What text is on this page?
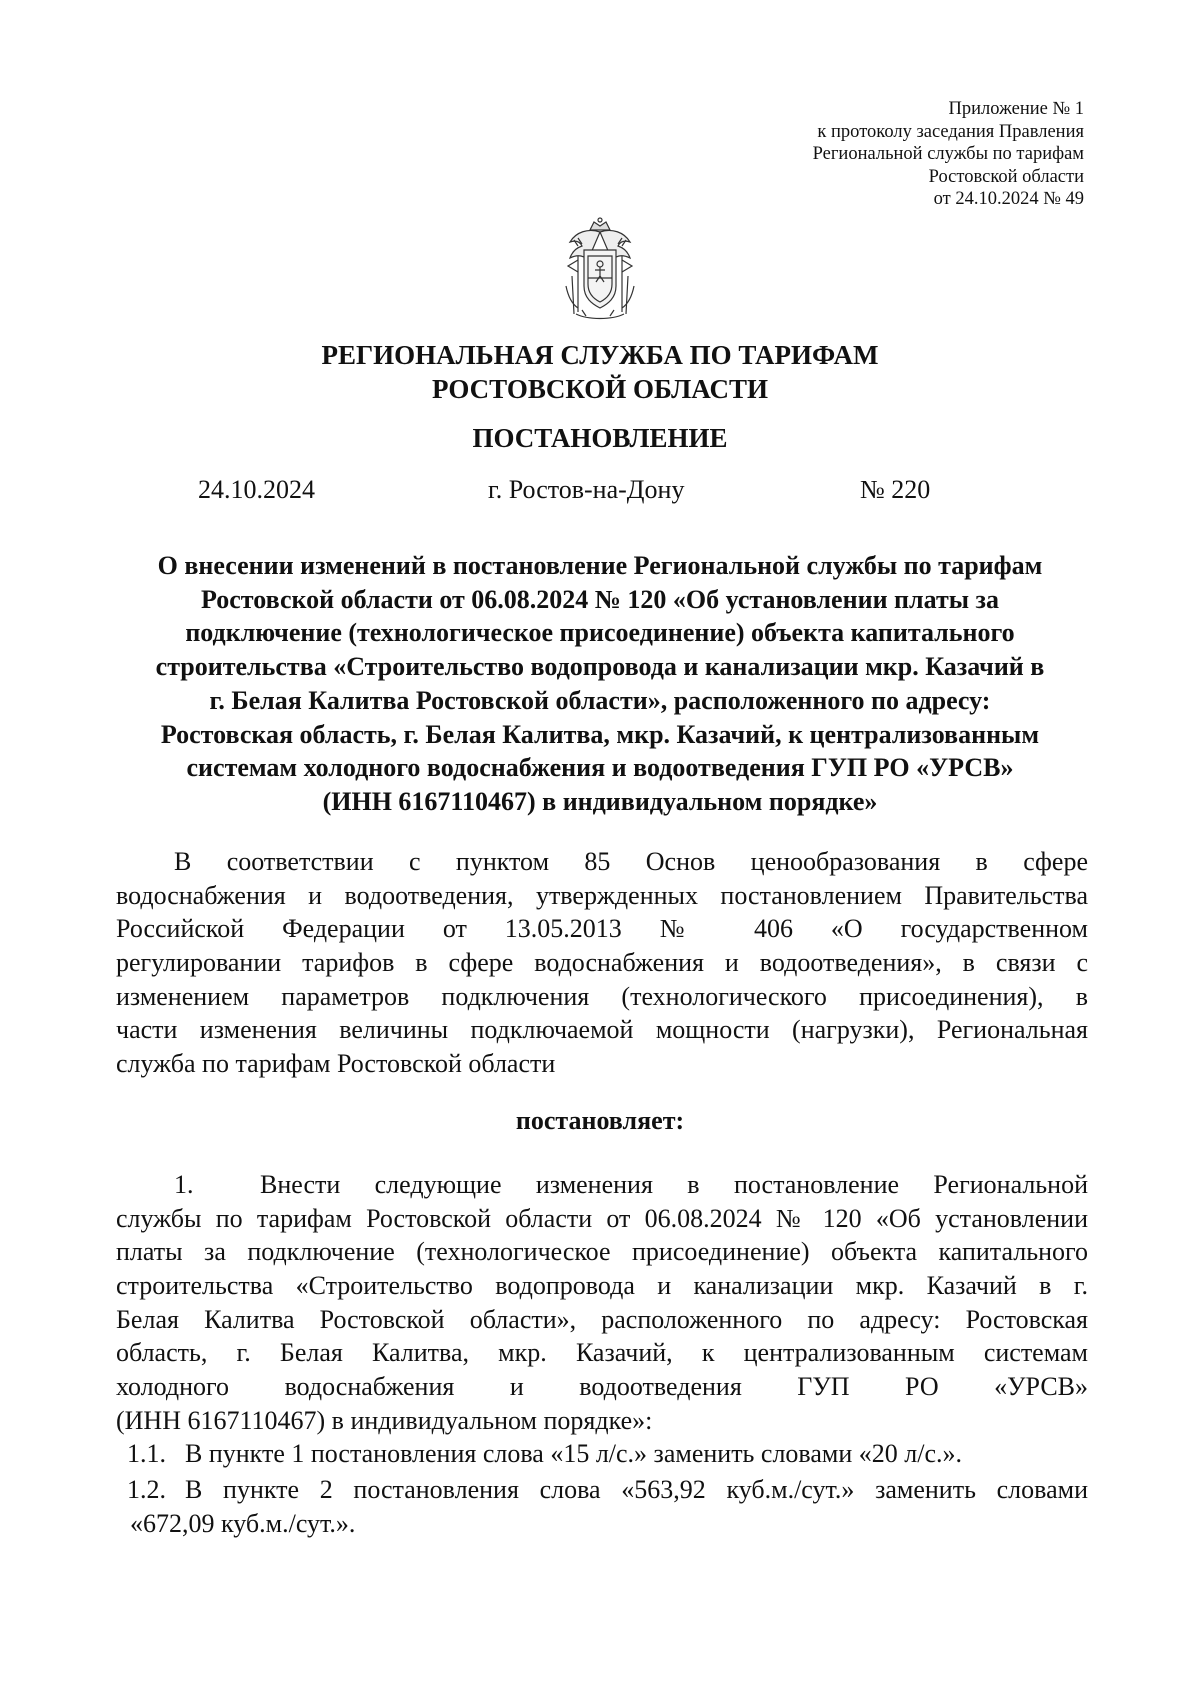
Приложение № 1
к протоколу заседания Правления
Региональной службы по тарифам
Ростовской области
от 24.10.2024 № 49
РЕГИОНАЛЬНАЯ СЛУЖБА ПО ТАРИФАМ
РОСТОВСКОЙ ОБЛАСТИ
ПОСТАНОВЛЕНИЕ
24.10.2024	г. Ростов-на-Дону	№ 220
О внесении изменений в постановление Региональной службы по тарифам
Ростовской области от 06.08.2024 № 120 «Об установлении платы за
подключение (технологическое присоединение) объекта капитального
строительства «Строительство водопровода и канализации мкр. Казачий в
г. Белая Калитва Ростовской области», расположенного по адресу:
Ростовская область, г. Белая Калитва, мкр. Казачий, к централизованным
системам холодного водоснабжения и водоотведения ГУП РО «УРСВ»
(ИНН 6167110467) в индивидуальном порядке»
В соответствии с пунктом 85 Основ ценообразования в сфере
водоснабжения и водоотведения, утвержденных постановлением Правительства
Российской Федерации от 13.05.2013 № 406 «О государственном
регулировании тарифов в сфере водоснабжения и водоотведения», в связи с
изменением параметров подключения (технологического присоединения), в
части изменения величины подключаемой мощности (нагрузки), Региональная
служба по тарифам Ростовской области
постановляет:
1.	Внести следующие изменения в постановление Региональной
службы по тарифам Ростовской области от 06.08.2024 № 120 «Об установлении
платы за подключение (технологическое присоединение) объекта капитального
строительства «Строительство водопровода и канализации мкр. Казачий в г.
Белая Калитва Ростовской области», расположенного по адресу: Ростовская
область, г. Белая Калитва, мкр. Казачий, к централизованным системам
холодного водоснабжения и водоотведения ГУП РО «УРСВ»
(ИНН 6167110467) в индивидуальном порядке»:
1.1. В пункте 1 постановления слова «15 л/с.» заменить словами «20 л/с.».
1.2. В пункте 2 постановления слова «563,92 куб.м./сут.» заменить словами
«672,09 куб.м./сут.».
